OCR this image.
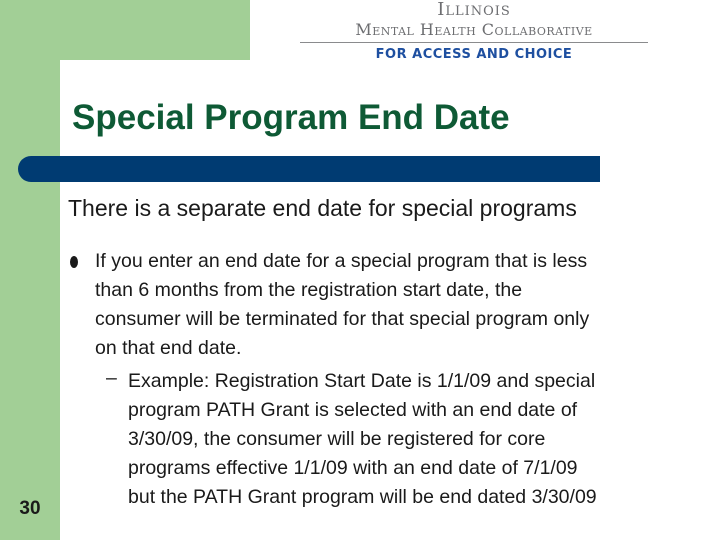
Illinois
Mental Health Collaborative
FOR ACCESS AND CHOICE
Special Program End Date

There is a separate end date for special programs

If you enter an end date for a special program that is less
than 6 months from the registration start date, the
consumer will be terminated for that special program only
on that end date.

– Example: Registration Start Date is 1/1/09 and special
program PATH Grant is selected with an end date of
3/30/09, the consumer will be registered for core
programs effective 1/1/09 with an end date of 7/1/09
but the PATH Grant program will be end dated 3/30/09

30
